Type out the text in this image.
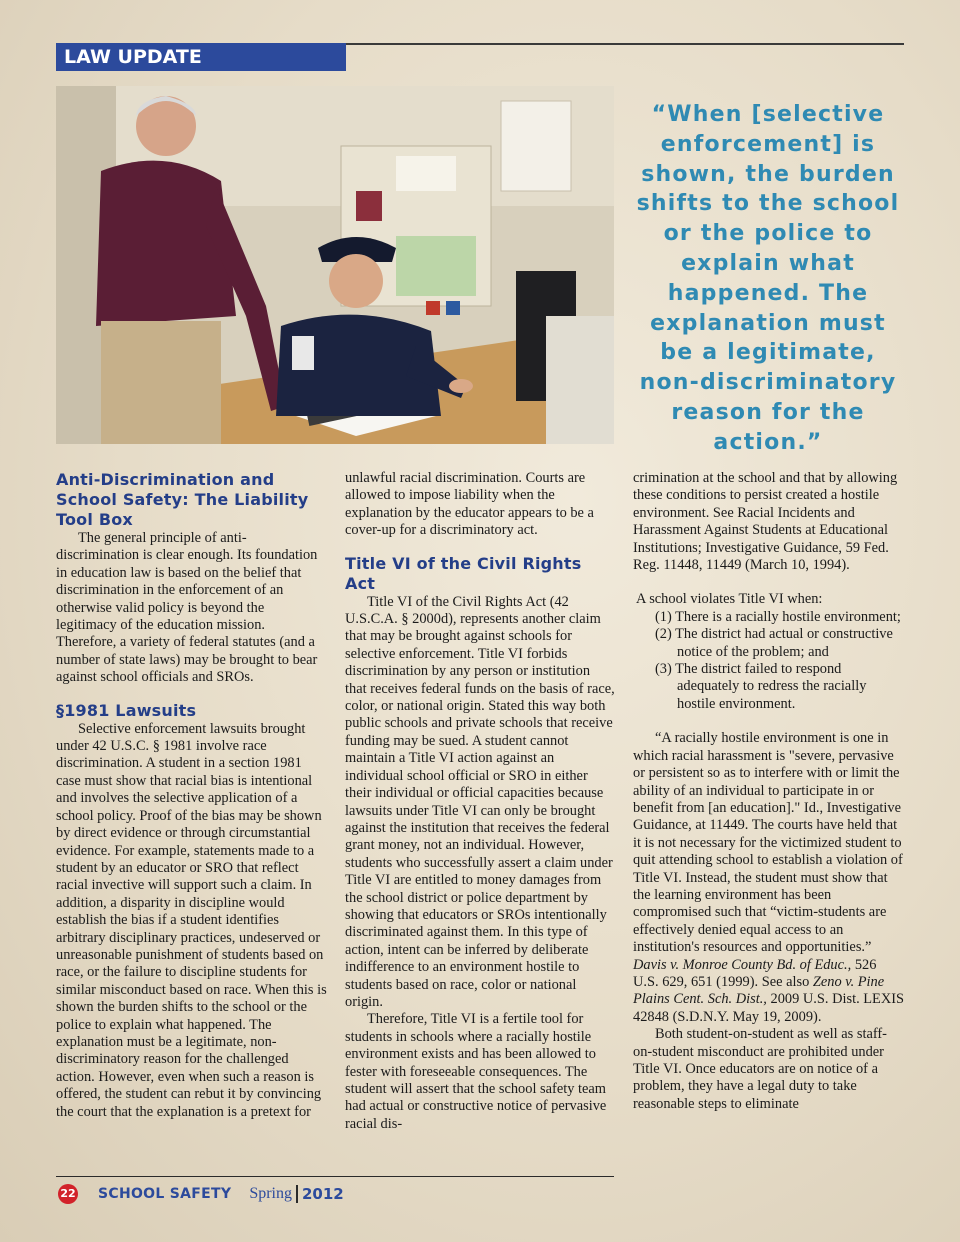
LAW UPDATE
“When [selective enforcement] is shown, the burden shifts to the school or the police to explain what happened. The explanation must be a legitimate, non-discriminatory reason for the action.”
Anti-Discrimination and School Safety: The Liability Tool Box

The general principle of anti-discrimination is clear enough. Its foundation in education law is based on the belief that discrimination in the enforcement of an otherwise valid policy is beyond the legitimacy of the education mission. Therefore, a variety of federal statutes (and a number of state laws) may be brought to bear against school officials and SROs.

§1981 Lawsuits

Selective enforcement lawsuits brought under 42 U.S.C. § 1981 involve race discrimination. A student in a section 1981 case must show that racial bias is intentional and involves the selective application of a school policy. Proof of the bias may be shown by direct evidence or through circumstantial evidence. For example, statements made to a student by an educator or SRO that reflect racial invective will support such a claim. In addition, a disparity in discipline would establish the bias if a student identifies arbitrary disciplinary practices, undeserved or unreasonable punishment of students based on race, or the failure to discipline students for similar misconduct based on race. When this is shown the burden shifts to the school or the police to explain what happened. The explanation must be a legitimate, non-discriminatory reason for the challenged action. However, even when such a reason is offered, the student can rebut it by convincing the court that the explanation is a pretext for

unlawful racial discrimination. Courts are allowed to impose liability when the explanation by the educator appears to be a cover-up for a discriminatory act.

Title VI of the Civil Rights Act

Title VI of the Civil Rights Act (42 U.S.C.A. § 2000d), represents another claim that may be brought against schools for selective enforcement. Title VI forbids discrimination by any person or institution that receives federal funds on the basis of race, color, or national origin. Stated this way both public schools and private schools that receive funding may be sued. A student cannot maintain a Title VI action against an individual school official or SRO in either their individual or official capacities because lawsuits under Title VI can only be brought against the institution that receives the federal grant money, not an individual. However, students who successfully assert a claim under Title VI are entitled to money damages from the school district or police department by showing that educators or SROs intentionally discriminated against them. In this type of action, intent can be inferred by deliberate indifference to an environment hostile to students based on race, color or national origin.

Therefore, Title VI is a fertile tool for students in schools where a racially hostile environment exists and has been allowed to fester with foreseeable consequences. The student will assert that the school safety team had actual or constructive notice of pervasive racial dis-

crimination at the school and that by allowing these conditions to persist created a hostile environment. See Racial Incidents and Harassment Against Students at Educational Institutions; Investigative Guidance, 59 Fed. Reg. 11448, 11449 (March 10, 1994).

A school violates Title VI when:
(1) There is a racially hostile environment;
(2) The district had actual or constructive notice of the problem; and
(3) The district failed to respond adequately to redress the racially hostile environment.

“A racially hostile environment is one in which racial harassment is "severe, pervasive or persistent so as to interfere with or limit the ability of an individual to participate in or benefit from [an education]." Id., Investigative Guidance, at 11449. The courts have held that it is not necessary for the victimized student to quit attending school to establish a violation of Title VI. Instead, the student must show that the learning environment has been compromised such that “victim-students are effectively denied equal access to an institution's resources and opportunities.” Davis v. Monroe County Bd. of Educ., 526 U.S. 629, 651 (1999). See also Zeno v. Pine Plains Cent. Sch. Dist., 2009 U.S. Dist. LEXIS 42848 (S.D.N.Y. May 19, 2009).

Both student-on-student as well as staff-on-student misconduct are prohibited under Title VI. Once educators are on notice of a problem, they have a legal duty to take reasonable steps to eliminate

22 SCHOOL SAFETY Spring 2012
